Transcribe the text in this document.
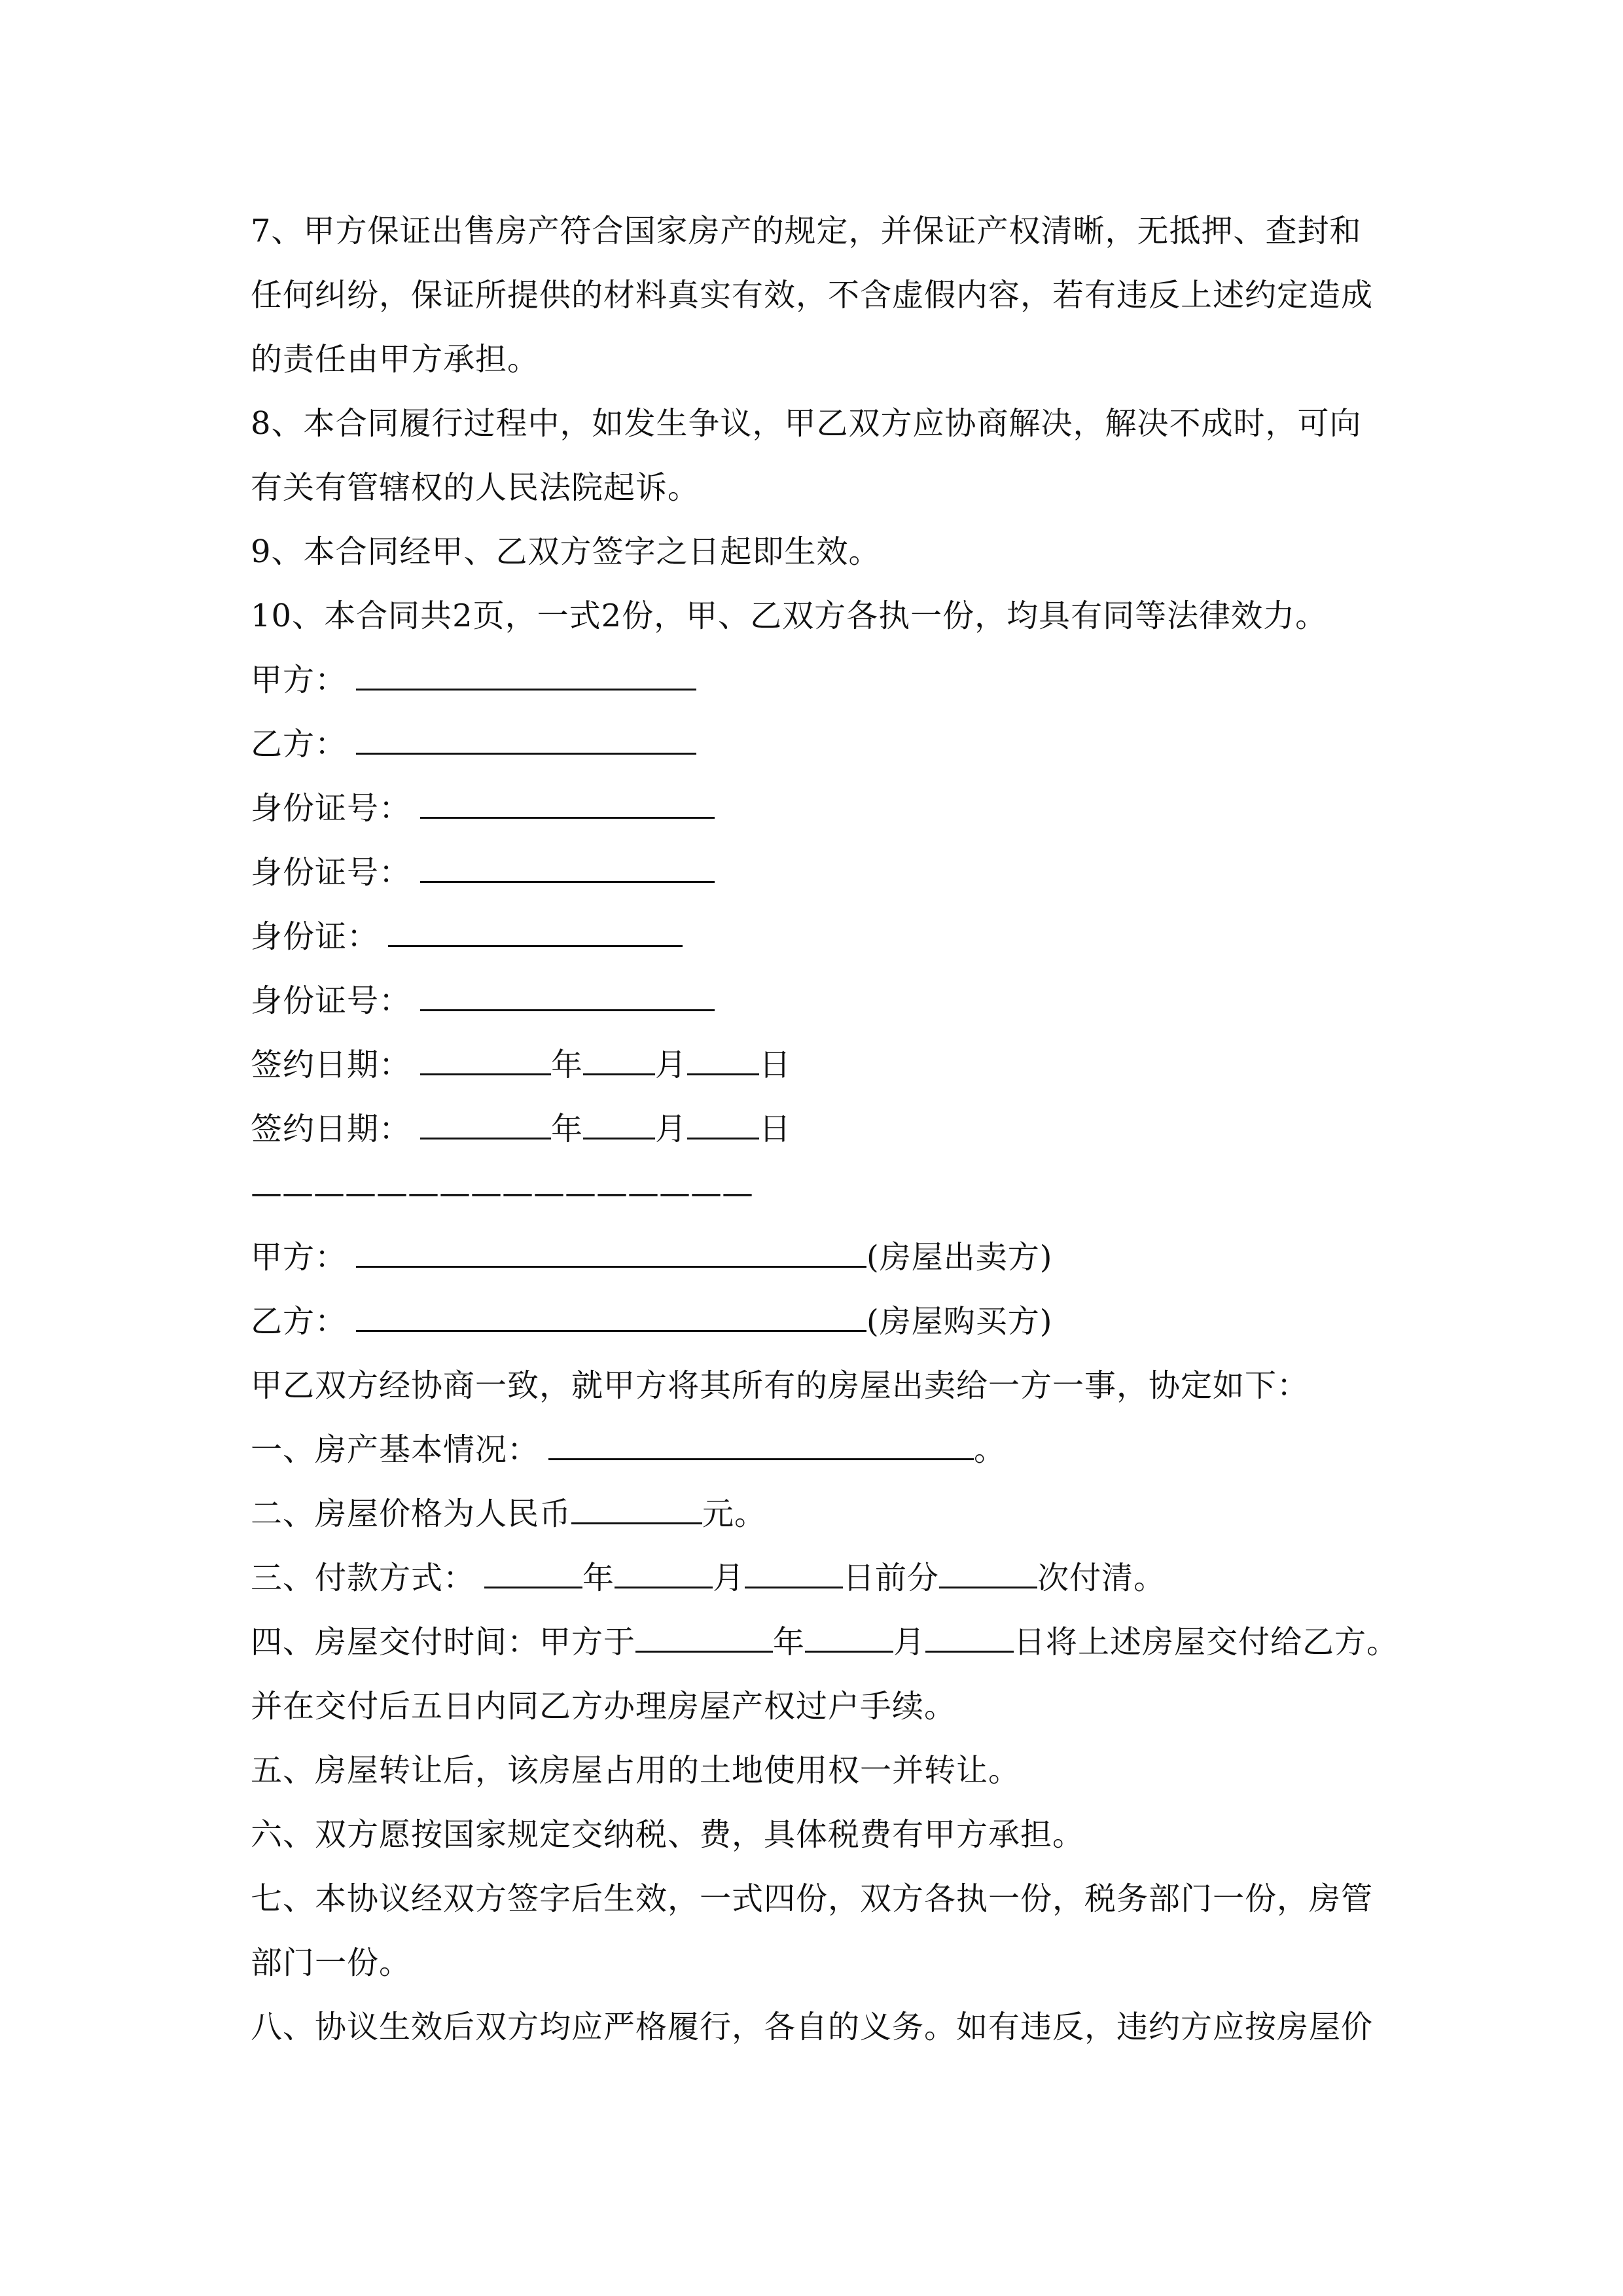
7、甲方保证出售房产符合国家房产的规定，并保证产权清晰，无抵押、查封和
任何纠纷，保证所提供的材料真实有效，不含虚假内容，若有违反上述约定造成
的责任由甲方承担。
8、本合同履行过程中，如发生争议，甲乙双方应协商解决，解决不成时，可向
有关有管辖权的人民法院起诉。
9、本合同经甲、乙双方签字之日起即生效。
10、本合同共2页，一式2份，甲、乙双方各执一份，均具有同等法律效力。
甲方：
乙方：
身份证号：
身份证号：
身份证：
身份证号：
签约日期：	年 月 日
签约日期：	年 月 日
————————————————
甲方：	(房屋出卖方)
乙方：	(房屋购买方)
甲乙双方经协商一致，就甲方将其所有的房屋出卖给一方一事，协定如下：
一、房产基本情况：	。
二、房屋价格为人民币	元。
三、付款方式：	年	月	日前分	次付清。
四、房屋交付时间：甲方于	年	月	日将上述房屋交付给乙方。
并在交付后五日内同乙方办理房屋产权过户手续。
五、房屋转让后，该房屋占用的土地使用权一并转让。
六、双方愿按国家规定交纳税、费，具体税费有甲方承担。
七、本协议经双方签字后生效，一式四份，双方各执一份，税务部门一份，房管
部门一份。
八、协议生效后双方均应严格履行，各自的义务。如有违反，违约方应按房屋价
